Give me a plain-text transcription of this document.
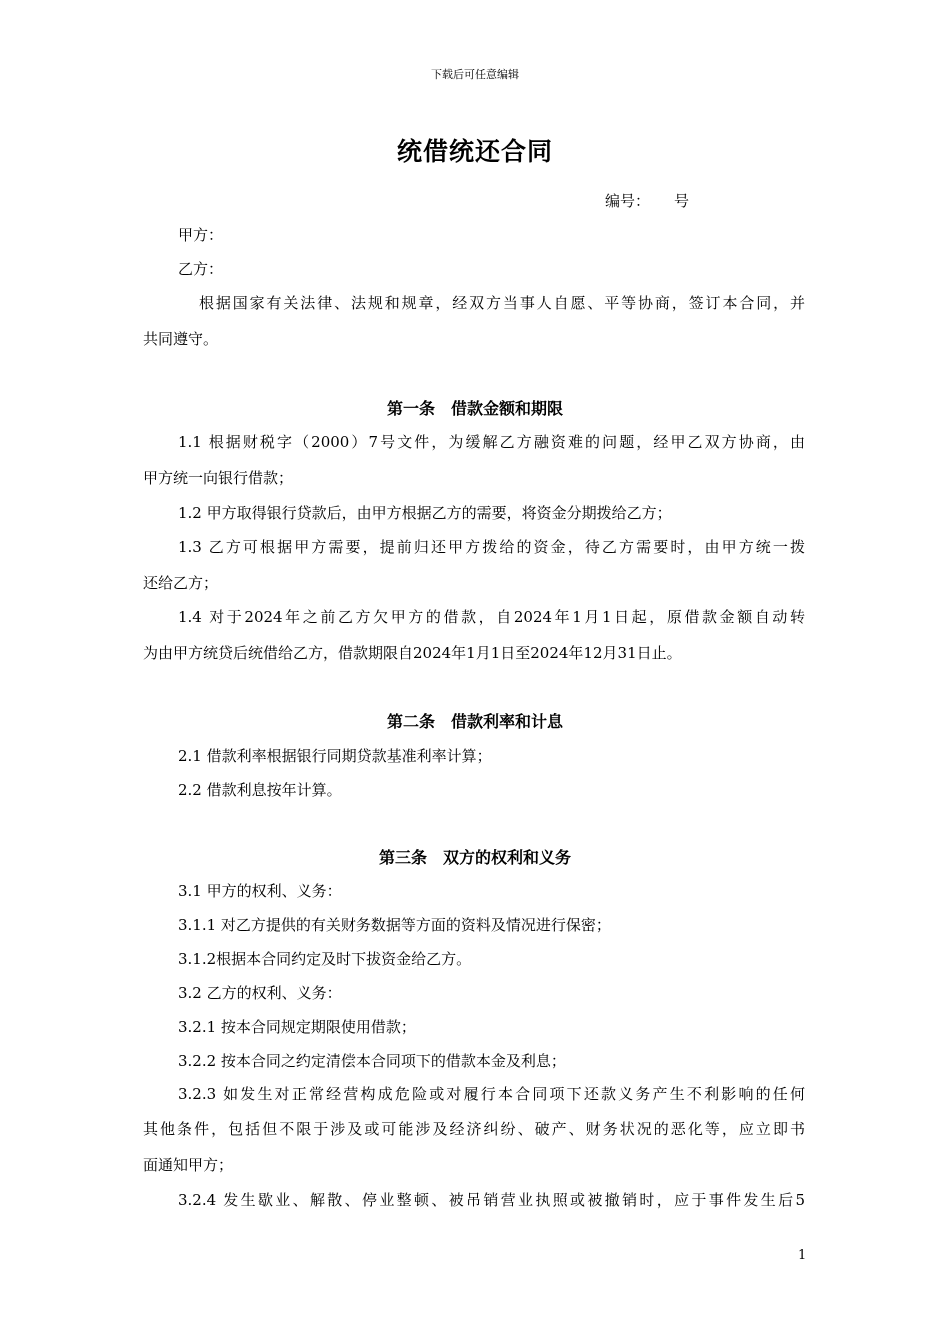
下载后可任意编辑
统借统还合同
编号： 号
甲方：
乙方：
根据国家有关法律、法规和规章，经双方当事人自愿、平等协商，签订本合同，并
共同遵守。
第一条　借款金额和期限
1.1 根据财税字（2000）7号文件，为缓解乙方融资难的问题，经甲乙双方协商，由
甲方统一向银行借款；
1.2 甲方取得银行贷款后，由甲方根据乙方的需要，将资金分期拨给乙方；
1.3 乙方可根据甲方需要，提前归还甲方拨给的资金，待乙方需要时，由甲方统一拨
还给乙方；
1.4 对于2024年之前乙方欠甲方的借款，自2024年1月1日起，原借款金额自动转
为由甲方统贷后统借给乙方，借款期限自2024年1月1日至2024年12月31日止。
第二条　借款利率和计息
2.1 借款利率根据银行同期贷款基准利率计算；
2.2 借款利息按年计算。
第三条　双方的权利和义务
3.1 甲方的权利、义务：
3.1.1 对乙方提供的有关财务数据等方面的资料及情况进行保密；
3.1.2根据本合同约定及时下拔资金给乙方。
3.2 乙方的权利、义务：
3.2.1 按本合同规定期限使用借款；
3.2.2 按本合同之约定清偿本合同项下的借款本金及利息；
3.2.3 如发生对正常经营构成危险或对履行本合同项下还款义务产生不利影响的任何
其他条件，包括但不限于涉及或可能涉及经济纠纷、破产、财务状况的恶化等，应立即书
面通知甲方；
3.2.4 发生歇业、解散、停业整顿、被吊销营业执照或被撤销时，应于事件发生后5
1
